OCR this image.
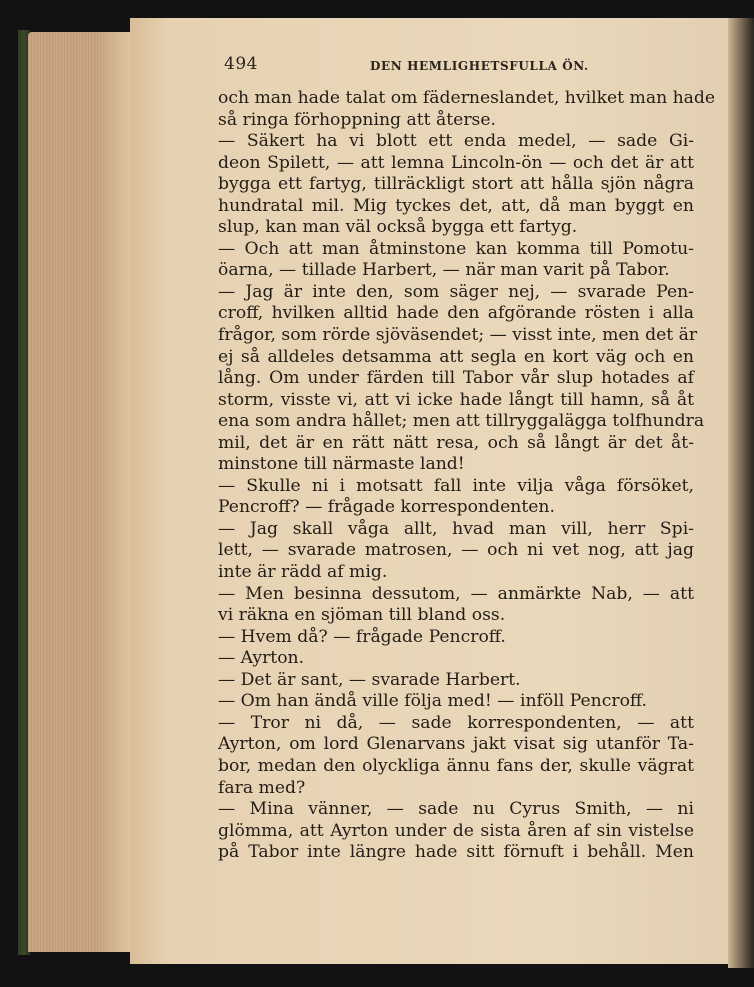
494	DEN HEMLIGHETSFULLA ÖN.
och man hade talat om fäderneslandet, hvilket man hade
så ringa förhoppning att återse.
— Säkert ha vi blott ett enda medel, — sade Gi-
deon Spilett, — att lemna Lincoln-ön — och det är att
bygga ett fartyg, tillräckligt stort att hålla sjön några
hundratal mil. Mig tyckes det, att, då man byggt en
slup, kan man väl också bygga ett fartyg.
— Och att man åtminstone kan komma till Pomotu-
öarna, — tillade Harbert, — när man varit på Tabor.
— Jag är inte den, som säger nej, — svarade Pen-
croff, hvilken alltid hade den afgörande rösten i alla
frågor, som rörde sjöväsendet; — visst inte, men det är
ej så alldeles detsamma att segla en kort väg och en
lång. Om under färden till Tabor vår slup hotades af
storm, visste vi, att vi icke hade långt till hamn, så åt
ena som andra hållet; men att tillryggalägga tolfhundra
mil, det är en rätt nätt resa, och så långt är det åt-
minstone till närmaste land!
— Skulle ni i motsatt fall inte vilja våga försöket,
Pencroff? — frågade korrespondenten.
— Jag skall våga allt, hvad man vill, herr Spi-
lett, — svarade matrosen, — och ni vet nog, att jag
inte är rädd af mig.
— Men besinna dessutom, — anmärkte Nab, — att
vi räkna en sjöman till bland oss.
— Hvem då? — frågade Pencroff.
— Ayrton.
— Det är sant, — svarade Harbert.
— Om han ändå ville följa med! — inföll Pencroff.
— Tror ni då, — sade korrespondenten, — att
Ayrton, om lord Glenarvans jakt visat sig utanför Ta-
bor, medan den olyckliga ännu fans der, skulle vägrat
fara med?
— Mina vänner, — sade nu Cyrus Smith, — ni
glömma, att Ayrton under de sista åren af sin vistelse
på Tabor inte längre hade sitt förnuft i behåll. Men
